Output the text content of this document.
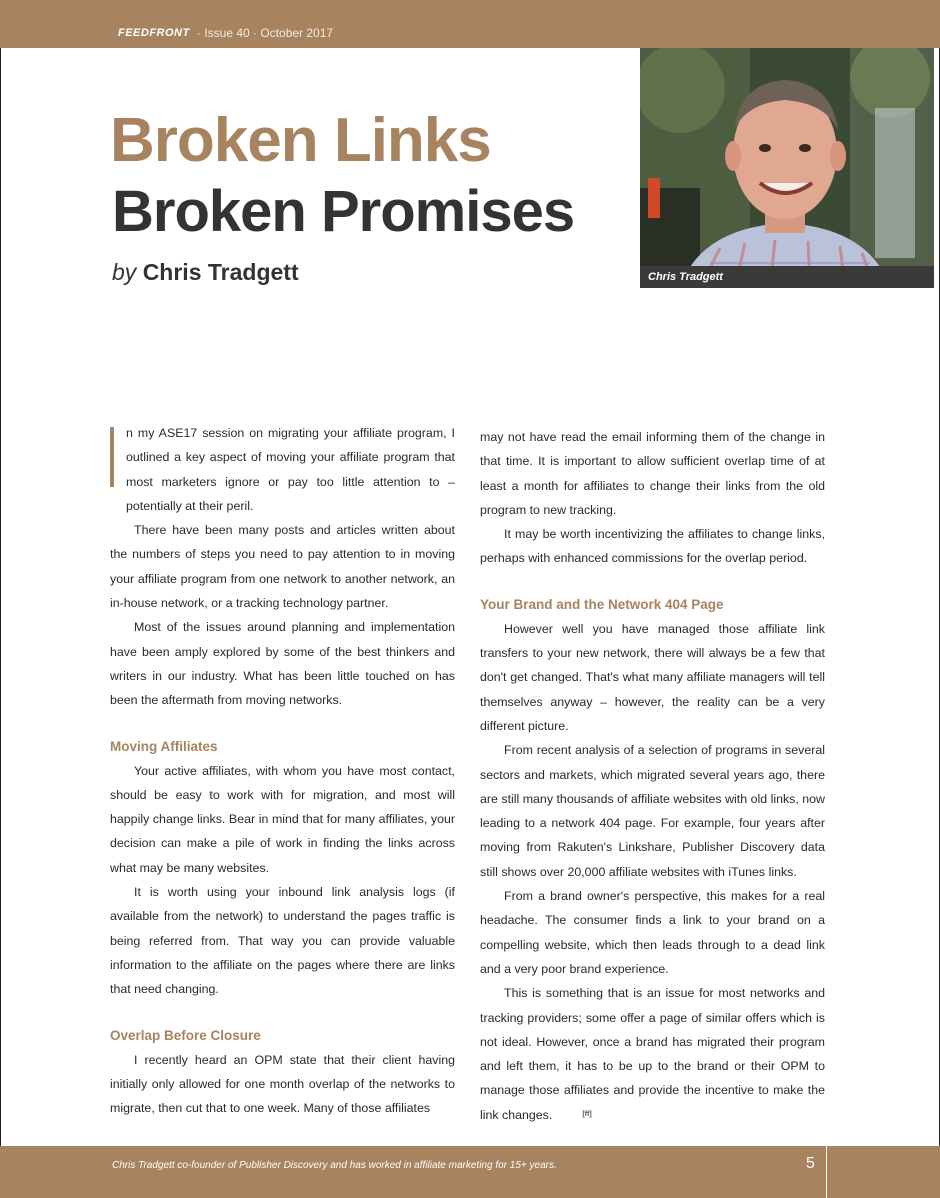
FEEDFRONT · Issue 40 · October 2017
Broken Links
Broken Promises
by Chris Tradgett	Chris Tradgett

n my ASE17 session on migrating your affiliate program, I outlined a key aspect of moving your affiliate program that most marketers ignore or pay too little attention to – potentially at their peril.

There have been many posts and articles written about the numbers of steps you need to pay attention to in moving your affiliate program from one network to another network, an in-house network, or a tracking technology partner.

Most of the issues around planning and implementation have been amply explored by some of the best thinkers and writers in our industry. What has been little touched on has been the aftermath from moving networks.

Moving Affiliates

Your active affiliates, with whom you have most contact, should be easy to work with for migration, and most will happily change links. Bear in mind that for many affiliates, your decision can make a pile of work in finding the links across what may be many websites.

It is worth using your inbound link analysis logs (if available from the network) to understand the pages traffic is being referred from. That way you can provide valuable information to the affiliate on the pages where there are links that need changing.

Overlap Before Closure

I recently heard an OPM state that their client having initially only allowed for one month overlap of the networks to migrate, then cut that to one week. Many of those affiliates

may not have read the email informing them of the change in that time. It is important to allow sufficient overlap time of at least a month for affiliates to change their links from the old program to new tracking.

It may be worth incentivizing the affiliates to change links, perhaps with enhanced commissions for the overlap period.

Your Brand and the Network 404 Page

However well you have managed those affiliate link transfers to your new network, there will always be a few that don't get changed. That's what many affiliate managers will tell themselves anyway – however, the reality can be a very different picture.

From recent analysis of a selection of programs in several sectors and markets, which migrated several years ago, there are still many thousands of affiliate websites with old links, now leading to a network 404 page. For example, four years after moving from Rakuten's Linkshare, Publisher Discovery data still shows over 20,000 affiliate websites with iTunes links.

From a brand owner's perspective, this makes for a real headache. The consumer finds a link to your brand on a compelling website, which then leads through to a dead link and a very poor brand experience.

This is something that is an issue for most networks and tracking providers; some offer a page of similar offers which is not ideal. However, once a brand has migrated their program and left them, it has to be up to the brand or their OPM to manage those affiliates and provide the incentive to make the link changes.	[ff]

Chris Tradgett co-founder of Publisher Discovery and has worked in affiliate marketing for 15+ years.	5
